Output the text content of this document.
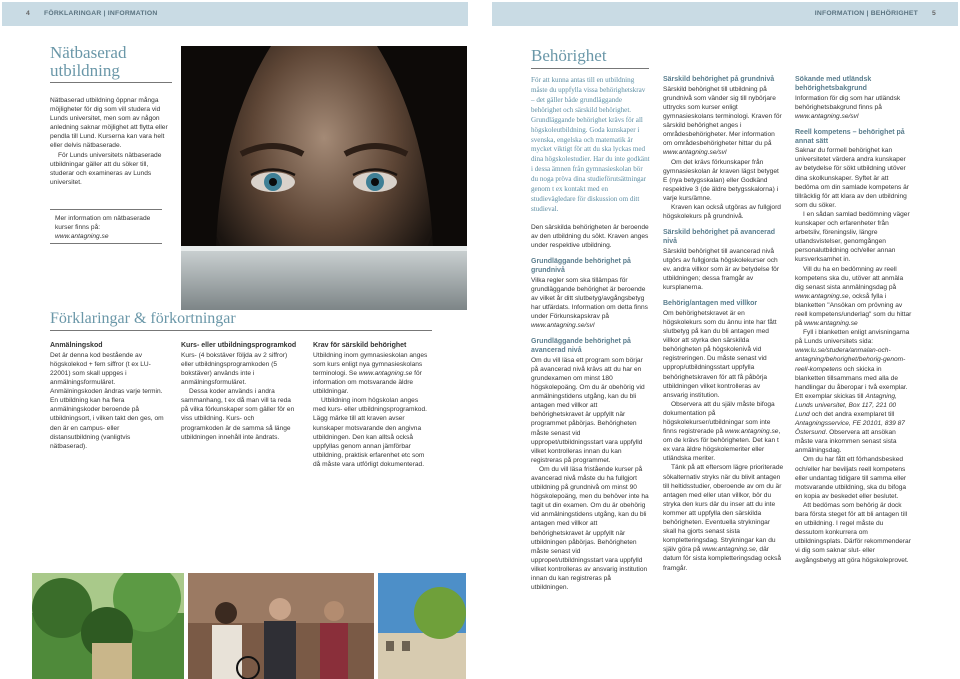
4 FÖRKLARINGAR | INFORMATION	INFORMATION | BEHÖRIGHET 5
Nätbaserad
utbildning

Nätbaserad utbildning öppnar många möjligheter för dig som vill studera vid Lunds universitet, men som av någon anledning saknar möjlighet att flytta eller pendla till Lund. Kurserna kan vara helt eller delvis nätbaserade.

För Lunds universitets nätbaserade utbildningar gäller att du söker till, studerar och examineras av Lunds universitet.

Mer information om nätbaserade kurser finns på:
www.antagning.se
Förklaringar & förkortningar
Anmälningskod

Det är denna kod bestående av högskolekod + fem siffror (t ex LU-22001) som skall uppges i anmälningsformuläret. Anmälningskoden ändras varje termin. En utbildning kan ha flera anmälningskoder beroende på utbildningsort, i vilken takt den ges, om den är en campus- eller distansutbildning (vanligtvis nätbaserad).

Kurs- eller utbildningsprogramkod

Kurs- (4 bokstäver följda av 2 siffror) eller utbildningsprogramkoden (5 bokstäver) används inte i anmälningsformuläret.

Dessa koder används i andra sammanhang, t ex då man vill ta reda på vilka förkunskaper som gäller för en viss utbildning. Kurs- och programkoden är de samma så länge utbildningen innehåll inte ändrats.

Krav för särskild behörighet

Utbildning inom gymnasieskolan anges som kurs enligt nya gymnasieskolans terminologi. Se www.antagning.se för information om motsvarande äldre utbildningar.

Utbildning inom högskolan anges med kurs- eller utbildningsprogramkod. Lägg märke till att kraven avser kunskaper motsvarande den angivna utbildningen. Den kan alltså också uppfyllas genom annan jämförbar utbildning, praktisk erfarenhet etc som då måste vara utförligt dokumenterad.

Behörighet

För att kunna antas till en utbildning måste du uppfylla vissa behörighetskrav – det gäller både grundläggande behörighet och särskild behörighet. Grundläggande behörighet krävs för all högskoleutbildning. Goda kunskaper i svenska, engelska och matematik är mycket viktigt för att du ska lyckas med dina högskolestudier. Har du inte godkänt i dessa ämnen från gymnasieskolan bör du noga pröva dina studieförutsättningar genom t ex kontakt med en studievägledare för diskussion om ditt studieval.

Den särskilda behörigheten är beroende av den utbildning du sökt. Kraven anges under respektive utbildning.

Grundläggande behörighet på grundnivå

Vilka regler som ska tillämpas för grundläggande behörighet är beroende av vilket år ditt slutbetyg/avgångsbetyg har utfärdats. Information om detta finns under Förkunskapskrav på www.antagning.se/svl

Grundläggande behörighet på avancerad nivå

Om du vill läsa ett program som börjar på avancerad nivå krävs att du har en grundexamen om minst 180 högskolepoäng. Om du är obehörig vid anmälningstidens utgång, kan du bli antagen med villkor att behörighetskravet är uppfyllt när programmet påbörjas. Behörigheten måste senast vid uppropet/utbildningsstart vara uppfylld vilket kontrolleras innan du kan registreras på programmet.

Om du vill läsa fristående kurser på avancerad nivå måste du ha fullgjort utbildning på grundnivå om minst 90 högskolepoäng, men du behöver inte ha tagit ut din examen. Om du är obehörig vid anmälningstidens utgång, kan du bli antagen med villkor att behörighetskravet är uppfyllt när utbildningen påbörjas. Behörigheten måste senast vid uppropet/utbildningsstart vara uppfylld vilket kontrolleras av ansvarig institution innan du kan registreras på utbildningen.

Särskild behörighet på grundnivå

Särskild behörighet till utbildning på grundnivå som vänder sig till nybörjare uttrycks som kurser enligt gymnasieskolans terminologi. Kraven för särskild behörighet anges i områdesbehörigheter. Mer information om områdesbehörigheter hittar du på www.antagning.se/svl

Om det krävs förkunskaper från gymnasieskolan är kraven lägst betyget E (nya betygsskalan) eller Godkänd respektive 3 (de äldre betygsskalorna) i varje kurs/ämne.

Kraven kan också utgöras av fullgjord högskolekurs på grundnivå.

Särskild behörighet på avancerad nivå

Särskild behörighet till avancerad nivå utgörs av fullgjorda högskolekurser och ev. andra villkor som är av betydelse för utbildningen; dessa framgår av kursplanerna.

Behörig/antagen med villkor

Om behörighetskravet är en högskolekurs som du ännu inte har fått slutbetyg på kan du bli antagen med villkor att styrka den särskilda behörigheten på högskolenivå vid registreringen. Du måste senast vid upprop/utbildningsstart uppfylla behörighetskraven för att få påbörja utbildningen vilket kontrolleras av ansvarig institution.

Observera att du själv måste bifoga dokumentation på högskolekurser/utbildningar som inte finns registrerade på www.antagning.se, om de krävs för behörigheten. Det kan t ex vara äldre högskolemeriter eller utländska meriter.

Tänk på att eftersom lägre prioriterade sökalternativ stryks när du blivit antagen till heltidsstudier, oberoende av om du är antagen med eller utan villkor, bör du stryka den kurs där du inser att du inte kommer att uppfylla den särskilda behörigheten. Eventuella strykningar skall ha gjorts senast sista kompletteringsdag. Strykningar kan du själv göra på www.antagning.se, där datum för sista kompletteringsdag också framgår.

Sökande med utländsk behörighetsbakgrund

Information för dig som har utländsk behörighetsbakgrund finns på www.antagning.se/svl

Reell kompetens – behörighet på annat sätt

Saknar du formell behörighet kan universitetet värdera andra kunskaper av betydelse för sökt utbildning utöver dina skolkunskaper. Syftet är att bedöma om din samlade kompetens är tillräcklig för att klara av den utbildning som du söker.

I en sådan samlad bedömning väger kunskaper och erfarenheter från arbetsliv, föreningsliv, längre utlandsvistelser, genomgången personalutbildning och/eller annan kursverksamhet in.

Vill du ha en bedömning av reell kompetens ska du, utöver att anmäla dig senast sista anmälningsdag på www.antagning.se, också fylla i blanketten "Ansökan om prövning av reell kompetens/underlag" som du hittar på www.antagning.se

Fyll i blanketten enligt anvisningarna på Lunds universitets sida: www.lu.se/studera/anmalan-och-antagning/behorighet/behorig-genom-reell-kompetens och skicka in blanketten tillsammans med alla de handlingar du åberopar i två exemplar. Ett exemplar skickas till Antagning, Lunds universitet, Box 117, 221 00 Lund och det andra exemplaret till Antagningsservice, FE 20101, 839 87 Östersund. Observera att ansökan måste vara inkommen senast sista anmälningsdag.

Om du har fått ett förhandsbesked och/eller har beviljats reell kompetens eller undantag tidigare till samma eller motsvarande utbildning, ska du bifoga en kopia av beskedet eller beslutet.

Att bedömas som behörig är dock bara första steget för att bli antagen till en utbildning. I regel måste du dessutom konkurrera om utbildningsplats. Därför rekommenderar vi dig som saknar slut- eller avgångsbetyg att göra högskoleprovet.
